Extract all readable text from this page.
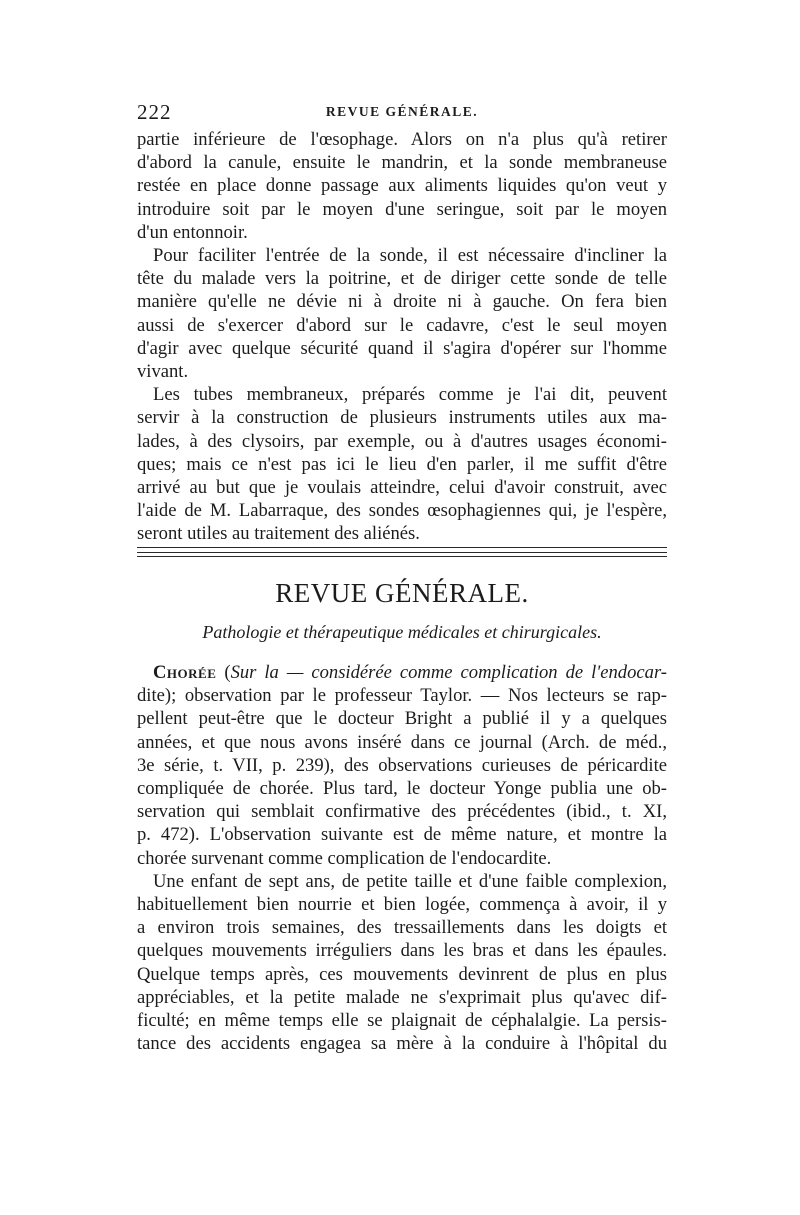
222	REVUE GÉNÉRALE.

partie inférieure de l'œsophage. Alors on n'a plus qu'à retirer
d'abord la canule, ensuite le mandrin, et la sonde membraneuse
restée en place donne passage aux aliments liquides qu'on veut y
introduire soit par le moyen d'une seringue, soit par le moyen
d'un entonnoir.

Pour faciliter l'entrée de la sonde, il est nécessaire d'incliner la
tête du malade vers la poitrine, et de diriger cette sonde de telle
manière qu'elle ne dévie ni à droite ni à gauche. On fera bien
aussi de s'exercer d'abord sur le cadavre, c'est le seul moyen
d'agir avec quelque sécurité quand il s'agira d'opérer sur l'homme
vivant.

Les tubes membraneux, préparés comme je l'ai dit, peuvent
servir à la construction de plusieurs instruments utiles aux ma-
lades, à des clysoirs, par exemple, ou à d'autres usages économi-
ques; mais ce n'est pas ici le lieu d'en parler, il me suffit d'être
arrivé au but que je voulais atteindre, celui d'avoir construit, avec
l'aide de M. Labarraque, des sondes œsophagiennes qui, je l'espère,
seront utiles au traitement des aliénés.

REVUE GÉNÉRALE.
Pathologie et thérapeutique médicales et chirurgicales.

Chorée (Sur la — considérée comme complication de l'endocar-
dite); observation par le professeur Taylor. — Nos lecteurs se rap-
pellent peut-être que le docteur Bright a publié il y a quelques
années, et que nous avons inséré dans ce journal (Arch. de méd.,
3e série, t. VII, p. 239), des observations curieuses de péricardite
compliquée de chorée. Plus tard, le docteur Yonge publia une ob-
servation qui semblait confirmative des précédentes (ibid., t. XI,
p. 472). L'observation suivante est de même nature, et montre la
chorée survenant comme complication de l'endocardite.

Une enfant de sept ans, de petite taille et d'une faible complexion,
habituellement bien nourrie et bien logée, commença à avoir, il y
a environ trois semaines, des tressaillements dans les doigts et
quelques mouvements irréguliers dans les bras et dans les épaules.
Quelque temps après, ces mouvements devinrent de plus en plus
appréciables, et la petite malade ne s'exprimait plus qu'avec dif-
ficulté; en même temps elle se plaignait de céphalalgie. La persis-
tance des accidents engagea sa mère à la conduire à l'hôpital du
